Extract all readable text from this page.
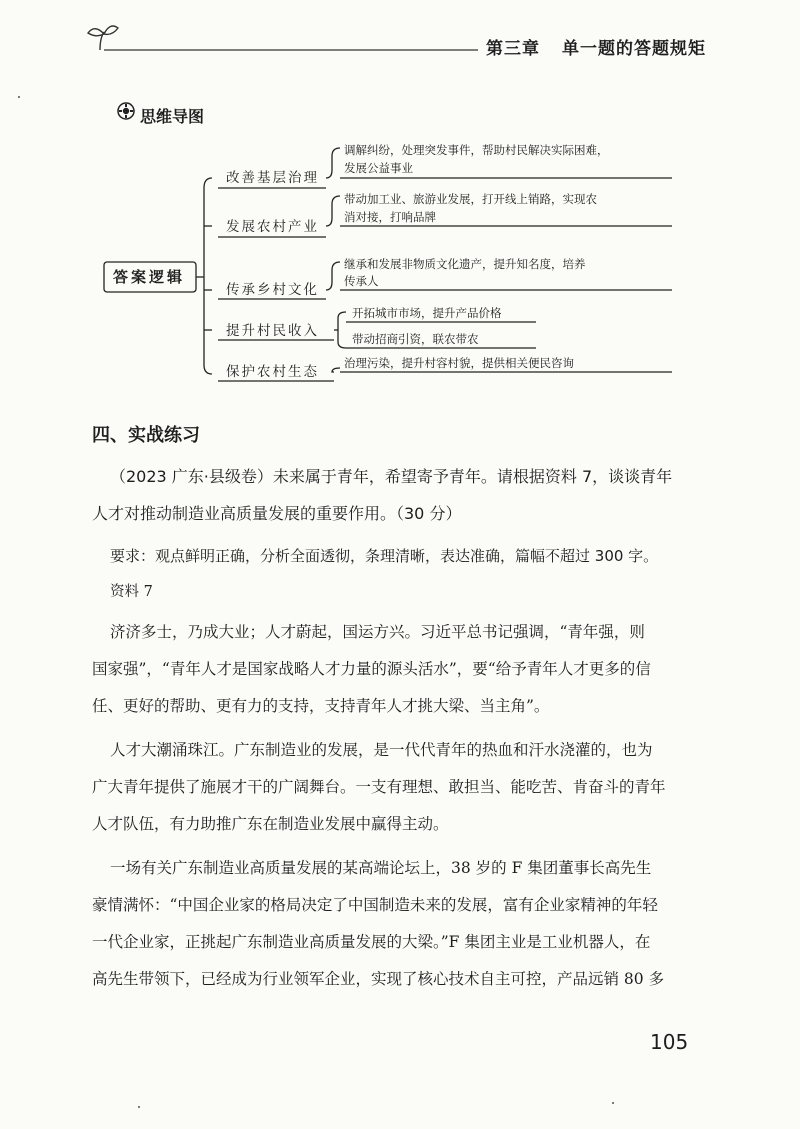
第三章 单一题的答题规矩
思维导图
答案逻辑
改善基层治理
发展农村产业
传承乡村文化
提升村民收入
保护农村生态
调解纠纷，处理突发事件，帮助村民解决实际困难，
发展公益事业
带动加工业、旅游业发展，打开线上销路，实现农
消对接，打响品牌
继承和发展非物质文化遗产，提升知名度，培养
传承人
开拓城市市场，提升产品价格
带动招商引资，联农带农
治理污染，提升村容村貌，提供相关便民咨询
四、实战练习
（2023 广东·县级卷）未来属于青年，希望寄予青年。请根据资料 7，谈谈青年
人才对推动制造业高质量发展的重要作用。（30 分）
要求：观点鲜明正确，分析全面透彻，条理清晰，表达准确，篇幅不超过 300 字。
资料 7
济济多士，乃成大业；人才蔚起，国运方兴。习近平总书记强调，“青年强，则
国家强”，“青年人才是国家战略人才力量的源头活水”，要“给予青年人才更多的信
任、更好的帮助、更有力的支持，支持青年人才挑大梁、当主角”。
人才大潮涌珠江。广东制造业的发展，是一代代青年的热血和汗水浇灌的，也为
广大青年提供了施展才干的广阔舞台。一支有理想、敢担当、能吃苦、肯奋斗的青年
人才队伍，有力助推广东在制造业发展中赢得主动。
一场有关广东制造业高质量发展的某高端论坛上，38 岁的 F 集团董事长高先生
豪情满怀：“中国企业家的格局决定了中国制造未来的发展，富有企业家精神的年轻
一代企业家，正挑起广东制造业高质量发展的大梁。”F 集团主业是工业机器人，在
高先生带领下，已经成为行业领军企业，实现了核心技术自主可控，产品远销 80 多
105
